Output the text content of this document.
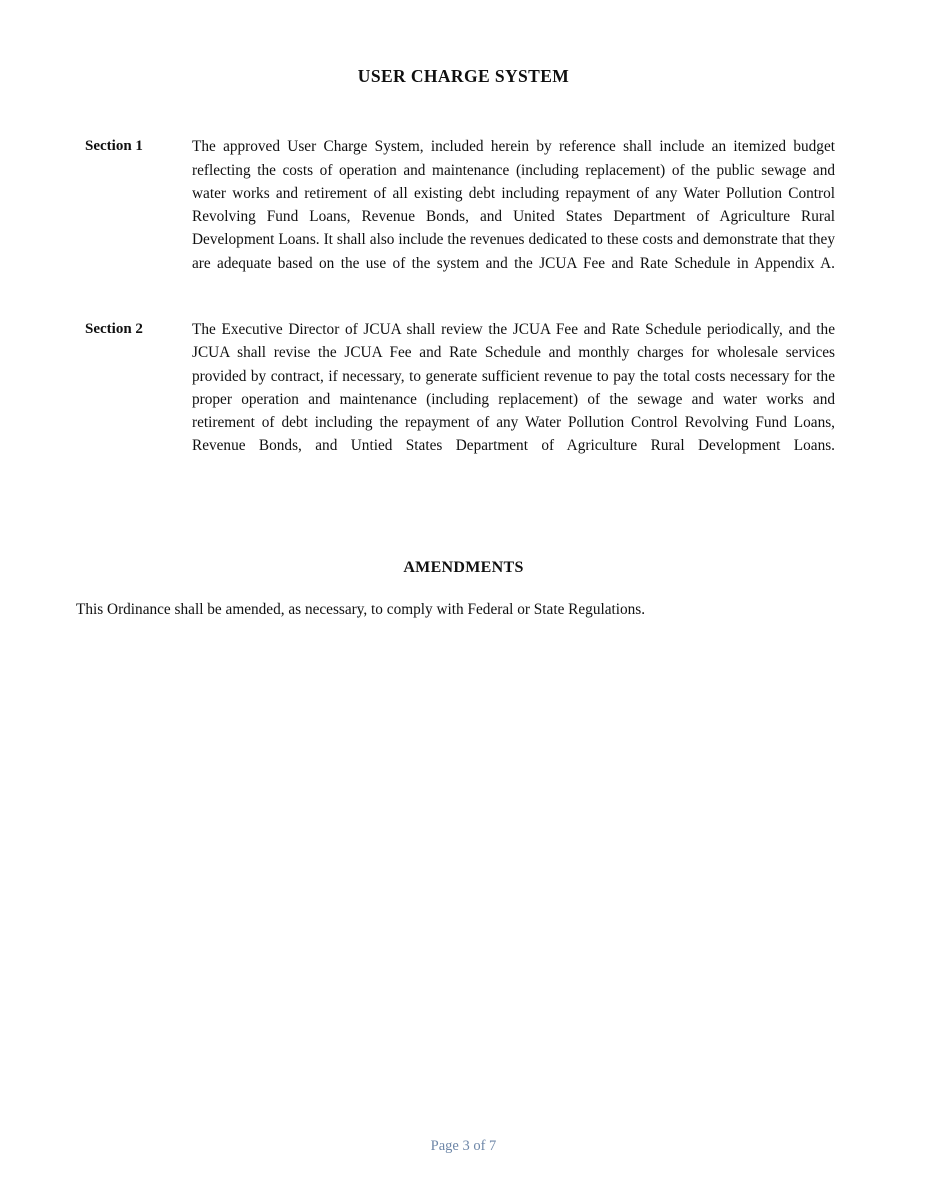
USER CHARGE SYSTEM
Section 1	The approved User Charge System, included herein by reference shall include an itemized budget reflecting the costs of operation and maintenance (including replacement) of the public sewage and water works and retirement of all existing debt including repayment of any Water Pollution Control Revolving Fund Loans, Revenue Bonds, and United States Department of Agriculture Rural Development Loans. It shall also include the revenues dedicated to these costs and demonstrate that they are adequate based on the use of the system and the JCUA Fee and Rate Schedule in Appendix A.

Section 2	The Executive Director of JCUA shall review the JCUA Fee and Rate Schedule periodically, and the JCUA shall revise the JCUA Fee and Rate Schedule and monthly charges for wholesale services provided by contract, if necessary, to generate sufficient revenue to pay the total costs necessary for the proper operation and maintenance (including replacement) of the sewage and water works and retirement of debt including the repayment of any Water Pollution Control Revolving Fund Loans, Revenue Bonds, and Untied States Department of Agriculture Rural Development Loans.

AMENDMENTS

This Ordinance shall be amended, as necessary, to comply with Federal or State Regulations.

Page 3 of 7
